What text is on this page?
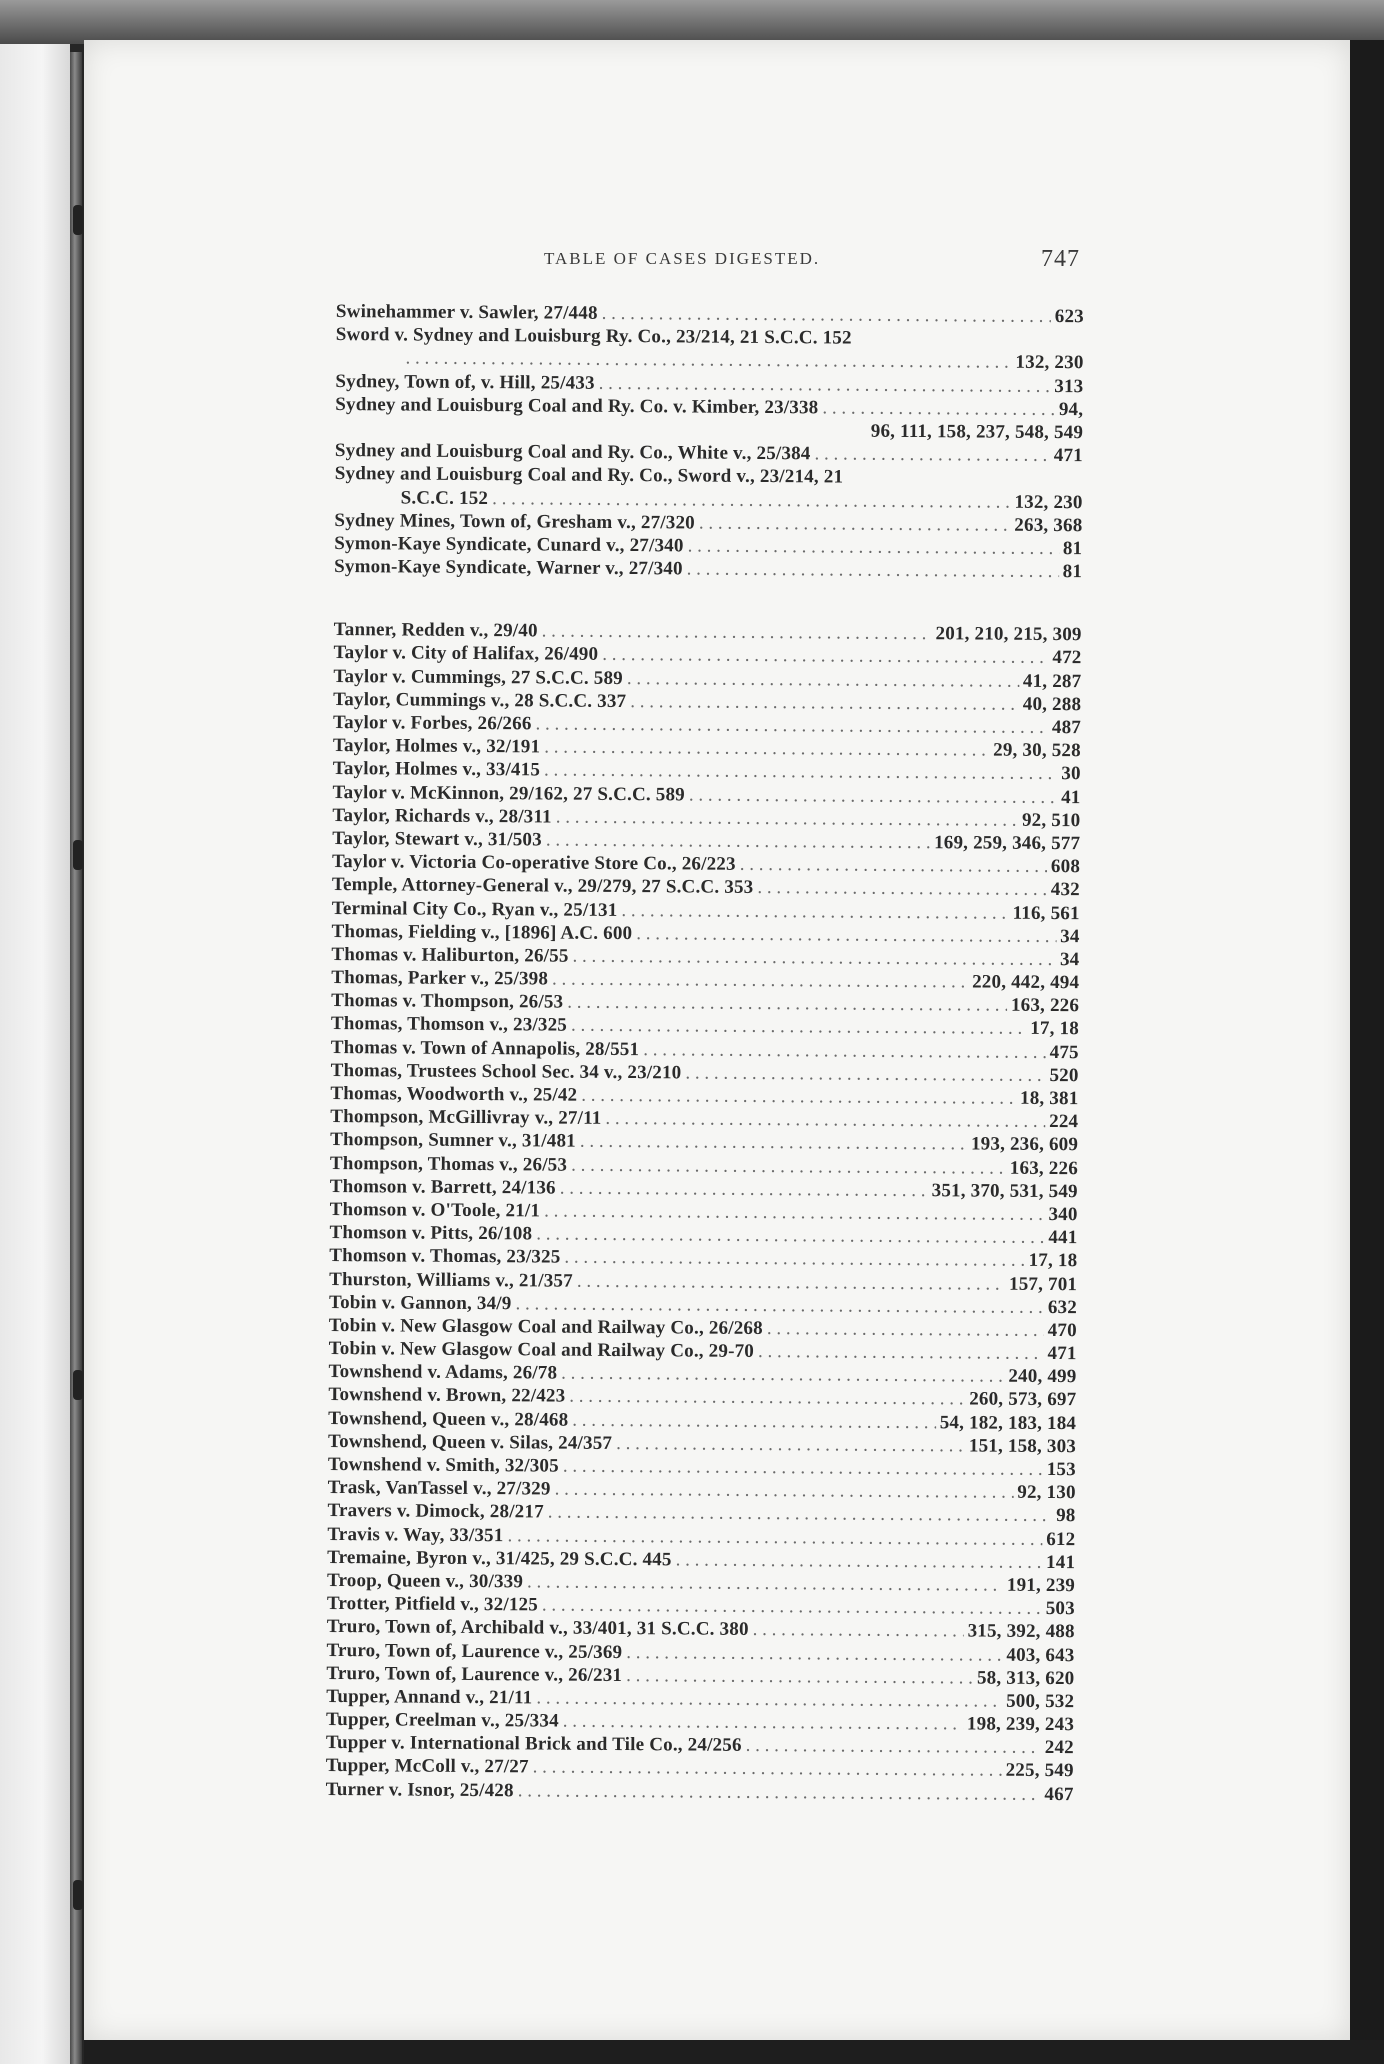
TABLE OF CASES DIGESTED.	747
Swinehammer v. Sawler, 27/448 . . .	623
Sword v. Sydney and Louisburg Ry. Co., 23/214, 21 S.C.C. 152
. . .
132, 230
Sydney, Town of, v. Hill, 25/433 . . .	313
Sydney and Louisburg Coal and Ry. Co. v. Kimber, 23/338 . . .	94,
96, 111, 158, 237, 548, 549
Sydney and Louisburg Coal and Ry. Co., White v., 25/384 . . .	471
Sydney and Louisburg Coal and Ry. Co., Sword v., 23/214, 21
S.C.C. 152 . . .	132, 230
Sydney Mines, Town of, Gresham v., 27/320 . . .	263, 368
Symon-Kaye Syndicate, Cunard v., 27/340 . . .	81
Symon-Kaye Syndicate, Warner v., 27/340 . . .	81
Tanner, Redden v., 29/40 . . .	201, 210, 215, 309
Taylor v. City of Halifax, 26/490 . . .	472
Taylor v. Cummings, 27 S.C.C. 589 . . .	41, 287
Taylor, Cummings v., 28 S.C.C. 337 . . .	40, 288
Taylor v. Forbes, 26/266 . . .	487
Taylor, Holmes v., 32/191 . . .	29, 30, 528
Taylor, Holmes v., 33/415 . . .	30
Taylor v. McKinnon, 29/162, 27 S.C.C. 589 . . .	41
Taylor, Richards v., 28/311 . . .	92, 510
Taylor, Stewart v., 31/503 . . .	169, 259, 346, 577
Taylor v. Victoria Co-operative Store Co., 26/223 . . .	608
Temple, Attorney-General v., 29/279, 27 S.C.C. 353 . . .	432
Terminal City Co., Ryan v., 25/131 . . .	116, 561
Thomas, Fielding v., [1896] A.C. 600 . . .	34
Thomas v. Haliburton, 26/55 . . .	34
Thomas, Parker v., 25/398 . . .	220, 442, 494
Thomas v. Thompson, 26/53 . . .	163, 226
Thomas, Thomson v., 23/325 . . .	17, 18
Thomas v. Town of Annapolis, 28/551 . . .	475
Thomas, Trustees School Sec. 34 v., 23/210 . . .	520
Thomas, Woodworth v., 25/42 . . .	18, 381
Thompson, McGillivray v., 27/11 . . .	224
Thompson, Sumner v., 31/481 . . .	193, 236, 609
Thompson, Thomas v., 26/53 . . .	163, 226
Thomson v. Barrett, 24/136 . . .	351, 370, 531, 549
Thomson v. O'Toole, 21/1 . . .	340
Thomson v. Pitts, 26/108 . . .	441
Thomson v. Thomas, 23/325 . . .	17, 18
Thurston, Williams v., 21/357 . . .	157, 701
Tobin v. Gannon, 34/9 . . .	632
Tobin v. New Glasgow Coal and Railway Co., 26/268 . . .	470
Tobin v. New Glasgow Coal and Railway Co., 29-70 . . .	471
Townshend v. Adams, 26/78 . . .	240, 499
Townshend v. Brown, 22/423 . . .	260, 573, 697
Townshend, Queen v., 28/468 . . .	54, 182, 183, 184
Townshend, Queen v. Silas, 24/357 . . .	151, 158, 303
Townshend v. Smith, 32/305 . . .	153
Trask, VanTassel v., 27/329 . . .	92, 130
Travers v. Dimock, 28/217 . . .	98
Travis v. Way, 33/351 . . .	612
Tremaine, Byron v., 31/425, 29 S.C.C. 445 . . .	141
Troop, Queen v., 30/339 . . .	191, 239
Trotter, Pitfield v., 32/125 . . .	503
Truro, Town of, Archibald v., 33/401, 31 S.C.C. 380 . . .	315, 392, 488
Truro, Town of, Laurence v., 25/369 . . .	403, 643
Truro, Town of, Laurence v., 26/231 . . .	58, 313, 620
Tupper, Annand v., 21/11 . . .	500, 532
Tupper, Creelman v., 25/334 . . .	198, 239, 243
Tupper v. International Brick and Tile Co., 24/256 . . .	242
Tupper, McColl v., 27/27 . . .	225, 549
Turner v. Isnor, 25/428 . . .	467
